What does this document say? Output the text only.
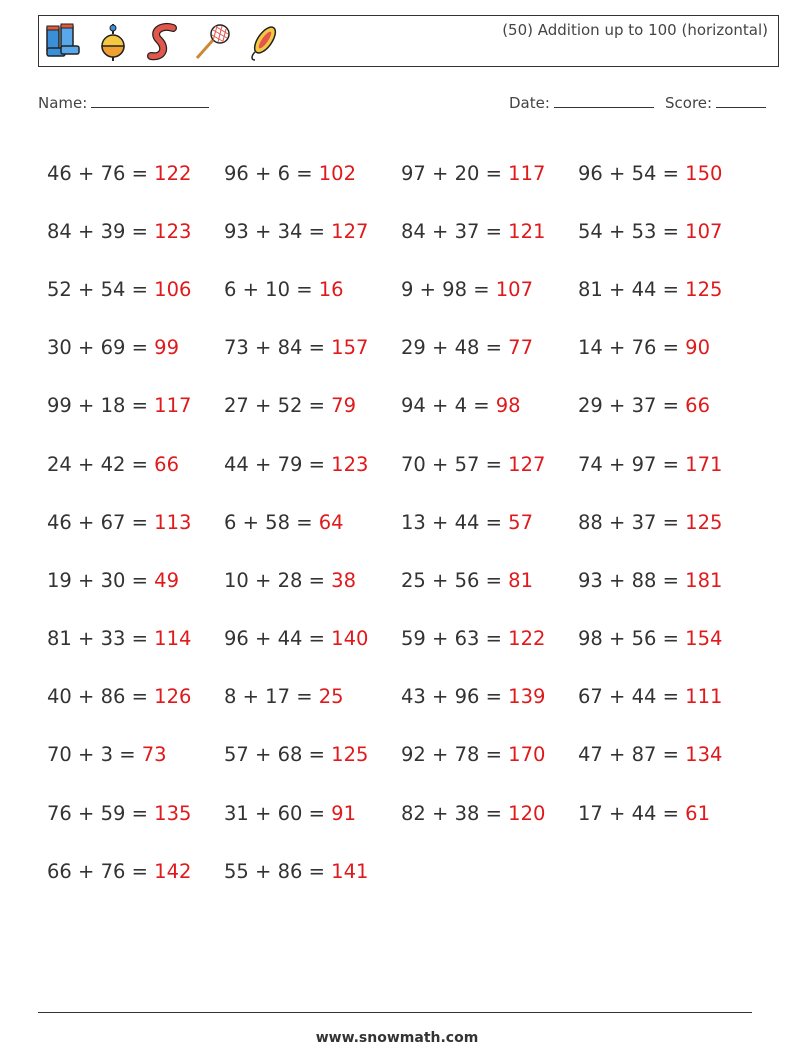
(50) Addition up to 100 (horizontal)
Name:	Date:	Score:
46 + 76 = 122	96 + 6 = 102	97 + 20 = 117	96 + 54 = 150
84 + 39 = 123	93 + 34 = 127	84 + 37 = 121	54 + 53 = 107
52 + 54 = 106	6 + 10 = 16	9 + 98 = 107	81 + 44 = 125
30 + 69 = 99	73 + 84 = 157	29 + 48 = 77	14 + 76 = 90
99 + 18 = 117	27 + 52 = 79	94 + 4 = 98	29 + 37 = 66
24 + 42 = 66	44 + 79 = 123	70 + 57 = 127	74 + 97 = 171
46 + 67 = 113	6 + 58 = 64	13 + 44 = 57	88 + 37 = 125
19 + 30 = 49	10 + 28 = 38	25 + 56 = 81	93 + 88 = 181
81 + 33 = 114	96 + 44 = 140	59 + 63 = 122	98 + 56 = 154
40 + 86 = 126	8 + 17 = 25	43 + 96 = 139	67 + 44 = 111
70 + 3 = 73	57 + 68 = 125	92 + 78 = 170	47 + 87 = 134
76 + 59 = 135	31 + 60 = 91	82 + 38 = 120	17 + 44 = 61
66 + 76 = 142	55 + 86 = 141
www.snowmath.com
